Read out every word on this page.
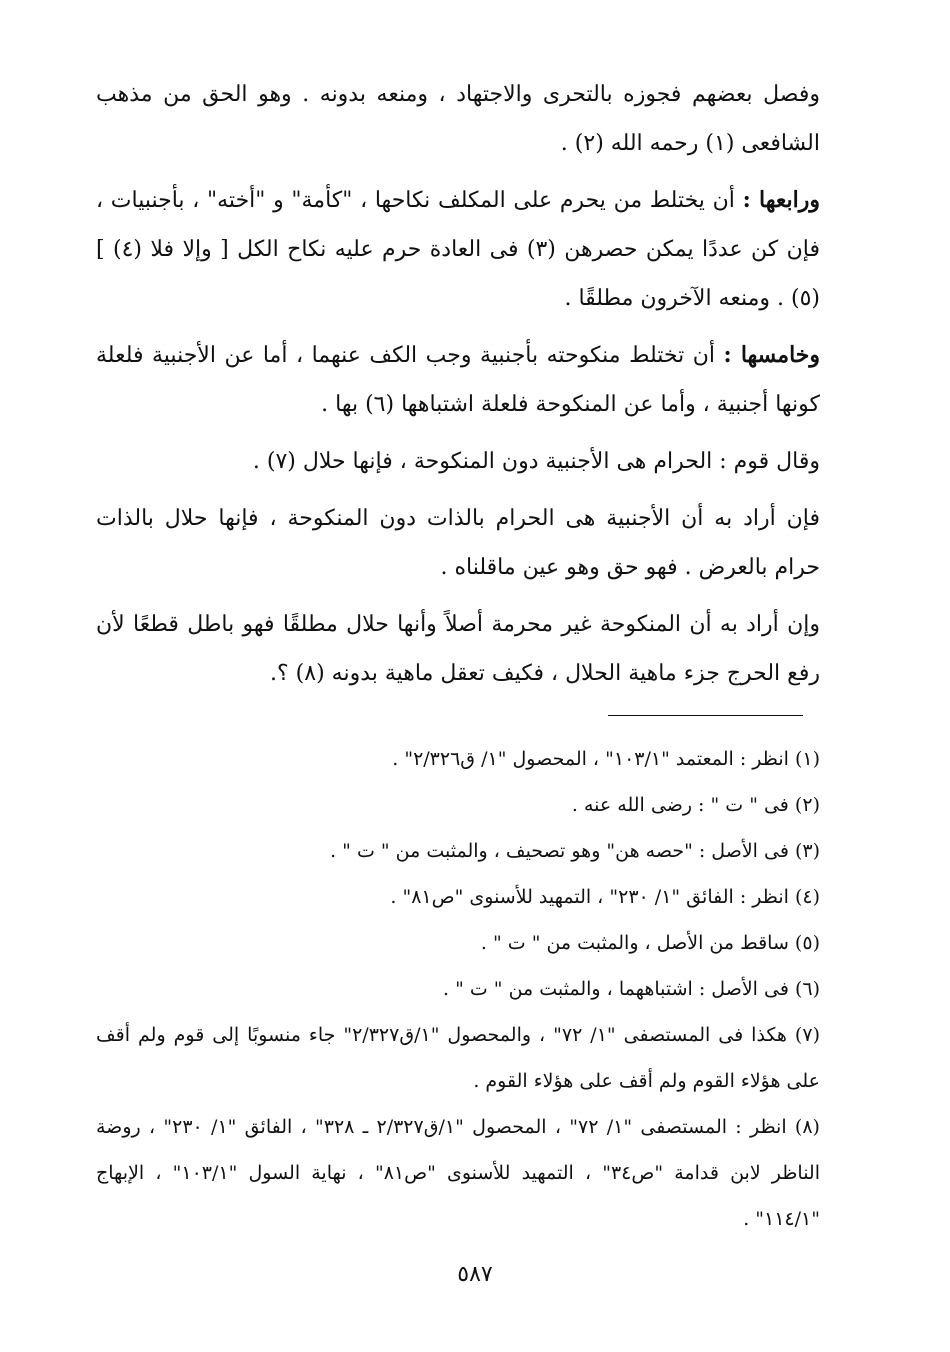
وفصل بعضهم فجوزه بالتحرى والاجتهاد ، ومنعه بدونه . وهو الحق من مذهب الشافعى (١) رحمه الله (٢) .

ورابعها : أن يختلط من يحرم على المكلف نكاحها ، "كأمة" و "أخته" ، بأجنبيات ، فإن كن عددًا يمكن حصرهن (٣) فى العادة حرم عليه نكاح الكل [ وإلا فلا (٤) ] (٥) . ومنعه الآخرون مطلقًا .

وخامسها : أن تختلط منكوحته بأجنبية وجب الكف عنهما ، أما عن الأجنبية فلعلة كونها أجنبية ، وأما عن المنكوحة فلعلة اشتباهها (٦) بها .

وقال قوم : الحرام هى الأجنبية دون المنكوحة ، فإنها حلال (٧) .

فإن أراد به أن الأجنبية هى الحرام بالذات دون المنكوحة ، فإنها حلال بالذات حرام بالعرض . فهو حق وهو عين ماقلناه .

وإن أراد به أن المنكوحة غير محرمة أصلاً وأنها حلال مطلقًا فهو باطل قطعًا لأن رفع الحرج جزء ماهية الحلال ، فكيف تعقل ماهية بدونه (٨) ؟.

(١) انظر : المعتمد "١٠٣/١" ، المحصول "١/ ق٢/٣٢٦" .

(٢) فى " ت " : رضى الله عنه .

(٣) فى الأصل : "حصه هن" وهو تصحيف ، والمثبت من " ت " .

(٤) انظر : الفائق "١/ ٢٣٠" ، التمهيد للأسنوى "ص٨١" .

(٥) ساقط من الأصل ، والمثبت من " ت " .

(٦) فى الأصل : اشتباههما ، والمثبت من " ت " .

(٧) هكذا فى المستصفى "١/ ٧٢" ، والمحصول "١/ق٢/٣٢٧" جاء منسوبًا إلى قوم ولم أقف على هؤلاء القوم ولم أقف على هؤلاء القوم .

(٨) انظر : المستصفى "١/ ٧٢" ، المحصول "١/ق٢/٣٢٧ ـ ٣٢٨" ، الفائق "١/ ٢٣٠" ، روضة الناظر لابن قدامة "ص٣٤" ، التمهيد للأسنوى "ص٨١" ، نهاية السول "١٠٣/١" ، الإبهاج "١١٤/١" .

٥٨٧
